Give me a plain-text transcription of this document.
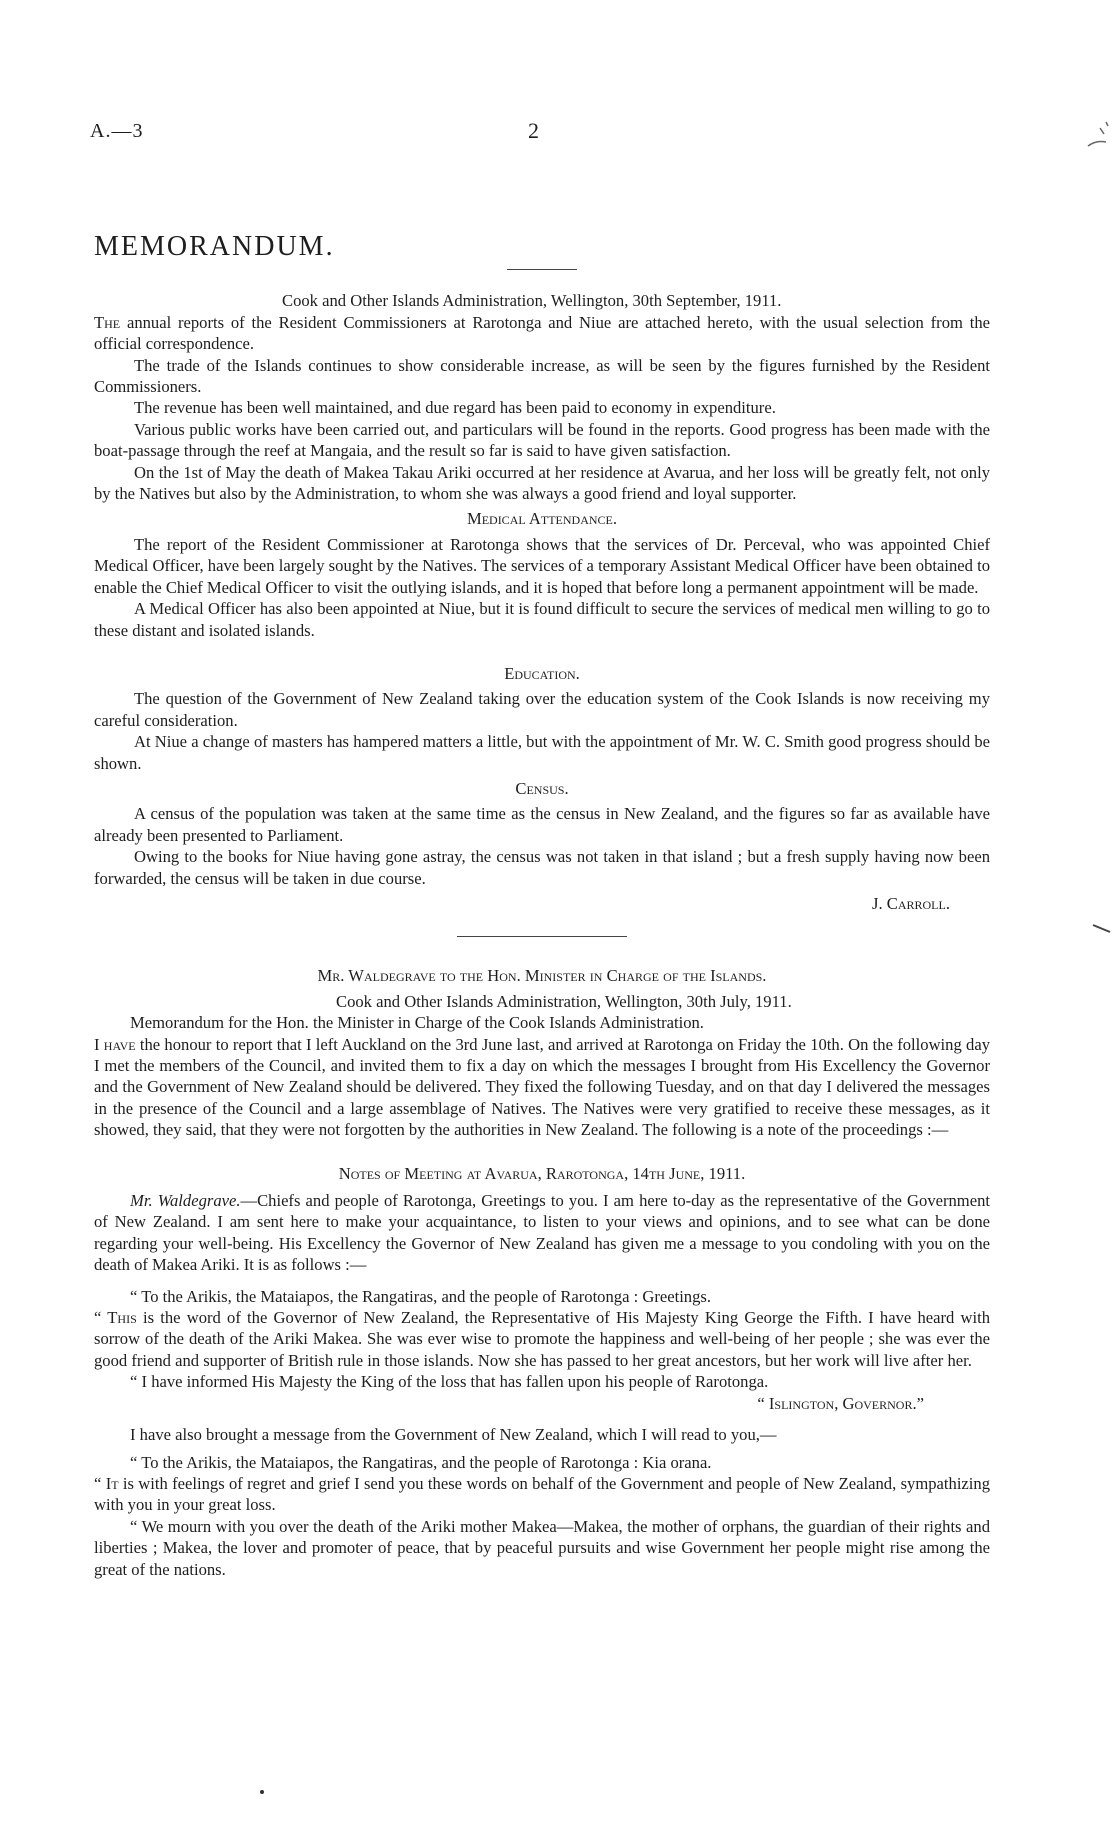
A.—3	2

MEMORANDUM.

Cook and Other Islands Administration, Wellington, 30th September, 1911.

The annual reports of the Resident Commissioners at Rarotonga and Niue are attached hereto, with the usual selection from the official correspondence.

The trade of the Islands continues to show considerable increase, as will be seen by the figures furnished by the Resident Commissioners.

The revenue has been well maintained, and due regard has been paid to economy in expenditure.

Various public works have been carried out, and particulars will be found in the reports. Good progress has been made with the boat-passage through the reef at Mangaia, and the result so far is said to have given satisfaction.

On the 1st of May the death of Makea Takau Ariki occurred at her residence at Avarua, and her loss will be greatly felt, not only by the Natives but also by the Administration, to whom she was always a good friend and loyal supporter.

Medical Attendance.

The report of the Resident Commissioner at Rarotonga shows that the services of Dr. Perceval, who was appointed Chief Medical Officer, have been largely sought by the Natives. The services of a temporary Assistant Medical Officer have been obtained to enable the Chief Medical Officer to visit the outlying islands, and it is hoped that before long a permanent appointment will be made.

A Medical Officer has also been appointed at Niue, but it is found difficult to secure the services of medical men willing to go to these distant and isolated islands.

Education.

The question of the Government of New Zealand taking over the education system of the Cook Islands is now receiving my careful consideration.

At Niue a change of masters has hampered matters a little, but with the appointment of Mr. W. C. Smith good progress should be shown.

Census.

A census of the population was taken at the same time as the census in New Zealand, and the figures so far as available have already been presented to Parliament.

Owing to the books for Niue having gone astray, the census was not taken in that island ; but a fresh supply having now been forwarded, the census will be taken in due course.

J. Carroll.

Mr. Waldegrave to the Hon. Minister in Charge of the Islands.

Cook and Other Islands Administration, Wellington, 30th July, 1911.

Memorandum for the Hon. the Minister in Charge of the Cook Islands Administration.

I have the honour to report that I left Auckland on the 3rd June last, and arrived at Rarotonga on Friday the 10th. On the following day I met the members of the Council, and invited them to fix a day on which the messages I brought from His Excellency the Governor and the Government of New Zealand should be delivered. They fixed the following Tuesday, and on that day I delivered the messages in the presence of the Council and a large assemblage of Natives. The Natives were very gratified to receive these messages, as it showed, they said, that they were not forgotten by the authorities in New Zealand. The following is a note of the proceedings :—

Notes of Meeting at Avarua, Rarotonga, 14th June, 1911.

Mr. Waldegrave.—Chiefs and people of Rarotonga, Greetings to you. I am here to-day as the representative of the Government of New Zealand. I am sent here to make your acquaintance, to listen to your views and opinions, and to see what can be done regarding your well-being. His Excellency the Governor of New Zealand has given me a message to you condoling with you on the death of Makea Ariki. It is as follows :—

“ To the Arikis, the Mataiapos, the Rangatiras, and the people of Rarotonga : Greetings.

“ This is the word of the Governor of New Zealand, the Representative of His Majesty King George the Fifth. I have heard with sorrow of the death of the Ariki Makea. She was ever wise to promote the happiness and well-being of her people ; she was ever the good friend and supporter of British rule in those islands. Now she has passed to her great ancestors, but her work will live after her.

“ I have informed His Majesty the King of the loss that has fallen upon his people of Rarotonga.

“ Islington, Governor.”

I have also brought a message from the Government of New Zealand, which I will read to you,—

“ To the Arikis, the Mataiapos, the Rangatiras, and the people of Rarotonga : Kia orana.

“ It is with feelings of regret and grief I send you these words on behalf of the Government and people of New Zealand, sympathizing with you in your great loss.

“ We mourn with you over the death of the Ariki mother Makea—Makea, the mother of orphans, the guardian of their rights and liberties ; Makea, the lover and promoter of peace, that by peaceful pursuits and wise Government her people might rise among the great of the nations.
